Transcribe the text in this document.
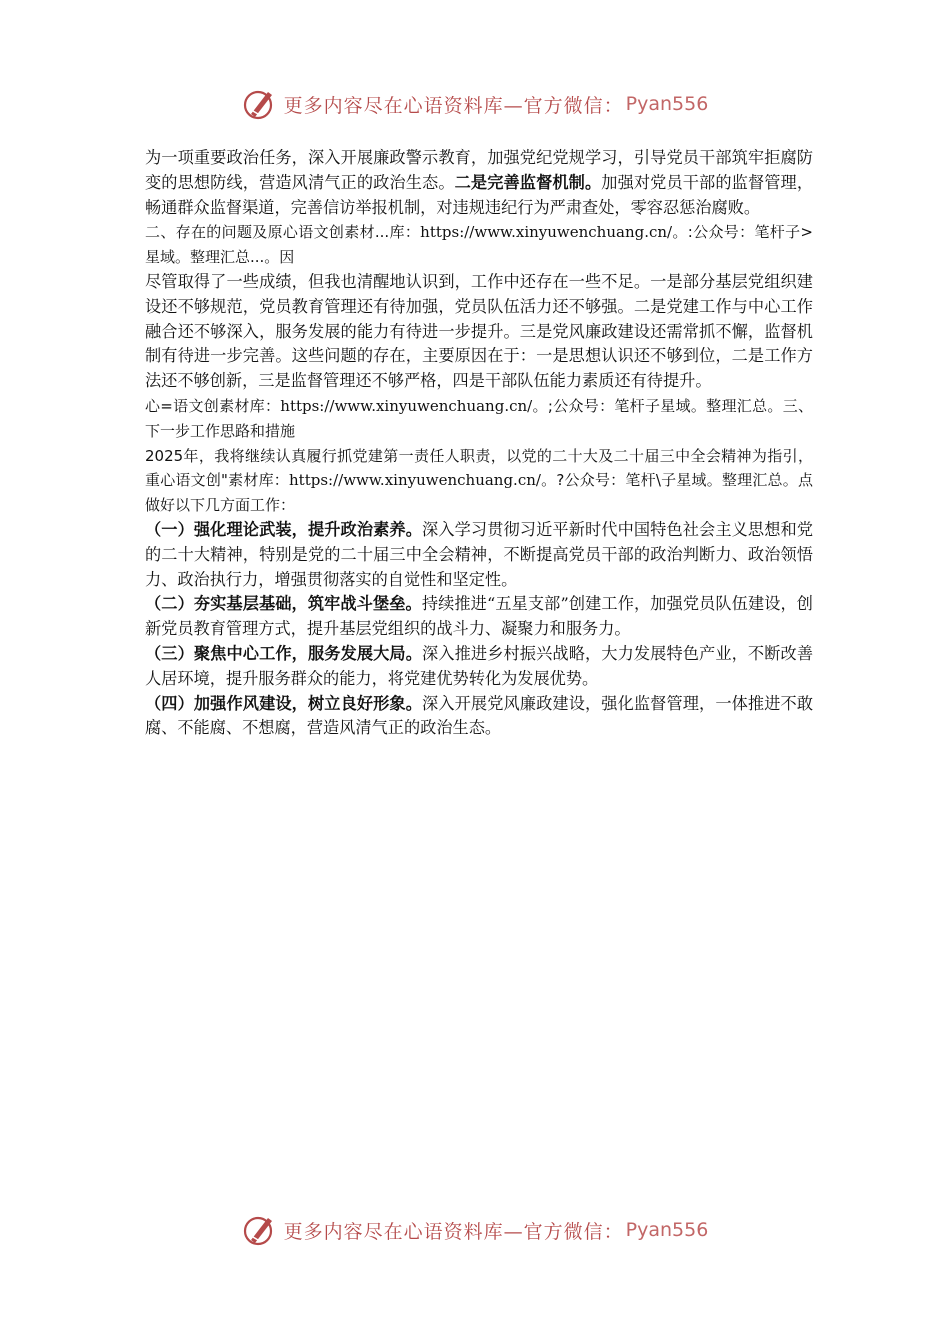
更多内容尽在心语资料库—官方微信： Pyan556

为一项重要政治任务，深入开展廉政警示教育，加强党纪党规学习，引导党员干部筑牢拒腐防变的思想防线，营造风清气正的政治生态。二是完善监督机制。加强对党员干部的监督管理，畅通群众监督渠道，完善信访举报机制，对违规违纪行为严肃查处，零容忍惩治腐败。

二、存在的问题及原心语文创素材...库：https://www.xinyuwenchuang.cn/。:公众号：笔杆子>星域。整理汇总...。因

尽管取得了一些成绩，但我也清醒地认识到，工作中还存在一些不足。一是部分基层党组织建设还不够规范，党员教育管理还有待加强，党员队伍活力还不够强。二是党建工作与中心工作融合还不够深入，服务发展的能力有待进一步提升。三是党风廉政建设还需常抓不懈，监督机制有待进一步完善。这些问题的存在，主要原因在于：一是思想认识还不够到位，二是工作方法还不够创新，三是监督管理还不够严格，四是干部队伍能力素质还有待提升。

心=语文创素材库：https://www.xinyuwenchuang.cn/。;公众号：笔杆子星域。整理汇总。三、下一步工作思路和措施

2025年，我将继续认真履行抓党建第一责任人职责，以党的二十大及二十届三中全会精神为指引，重心语文创"素材库：https://www.xinyuwenchuang.cn/。?公众号：笔杆\子星域。整理汇总。点做好以下几方面工作：

（一）强化理论武装，提升政治素养。深入学习贯彻习近平新时代中国特色社会主义思想和党的二十大精神，特别是党的二十届三中全会精神，不断提高党员干部的政治判断力、政治领悟力、政治执行力，增强贯彻落实的自觉性和坚定性。

（二）夯实基层基础，筑牢战斗堡垒。持续推进“五星支部”创建工作，加强党员队伍建设，创新党员教育管理方式，提升基层党组织的战斗力、凝聚力和服务力。

（三）聚焦中心工作，服务发展大局。深入推进乡村振兴战略，大力发展特色产业，不断改善人居环境，提升服务群众的能力，将党建优势转化为发展优势。

（四）加强作风建设，树立良好形象。深入开展党风廉政建设，强化监督管理，一体推进不敢腐、不能腐、不想腐，营造风清气正的政治生态。

更多内容尽在心语资料库—官方微信： Pyan556
